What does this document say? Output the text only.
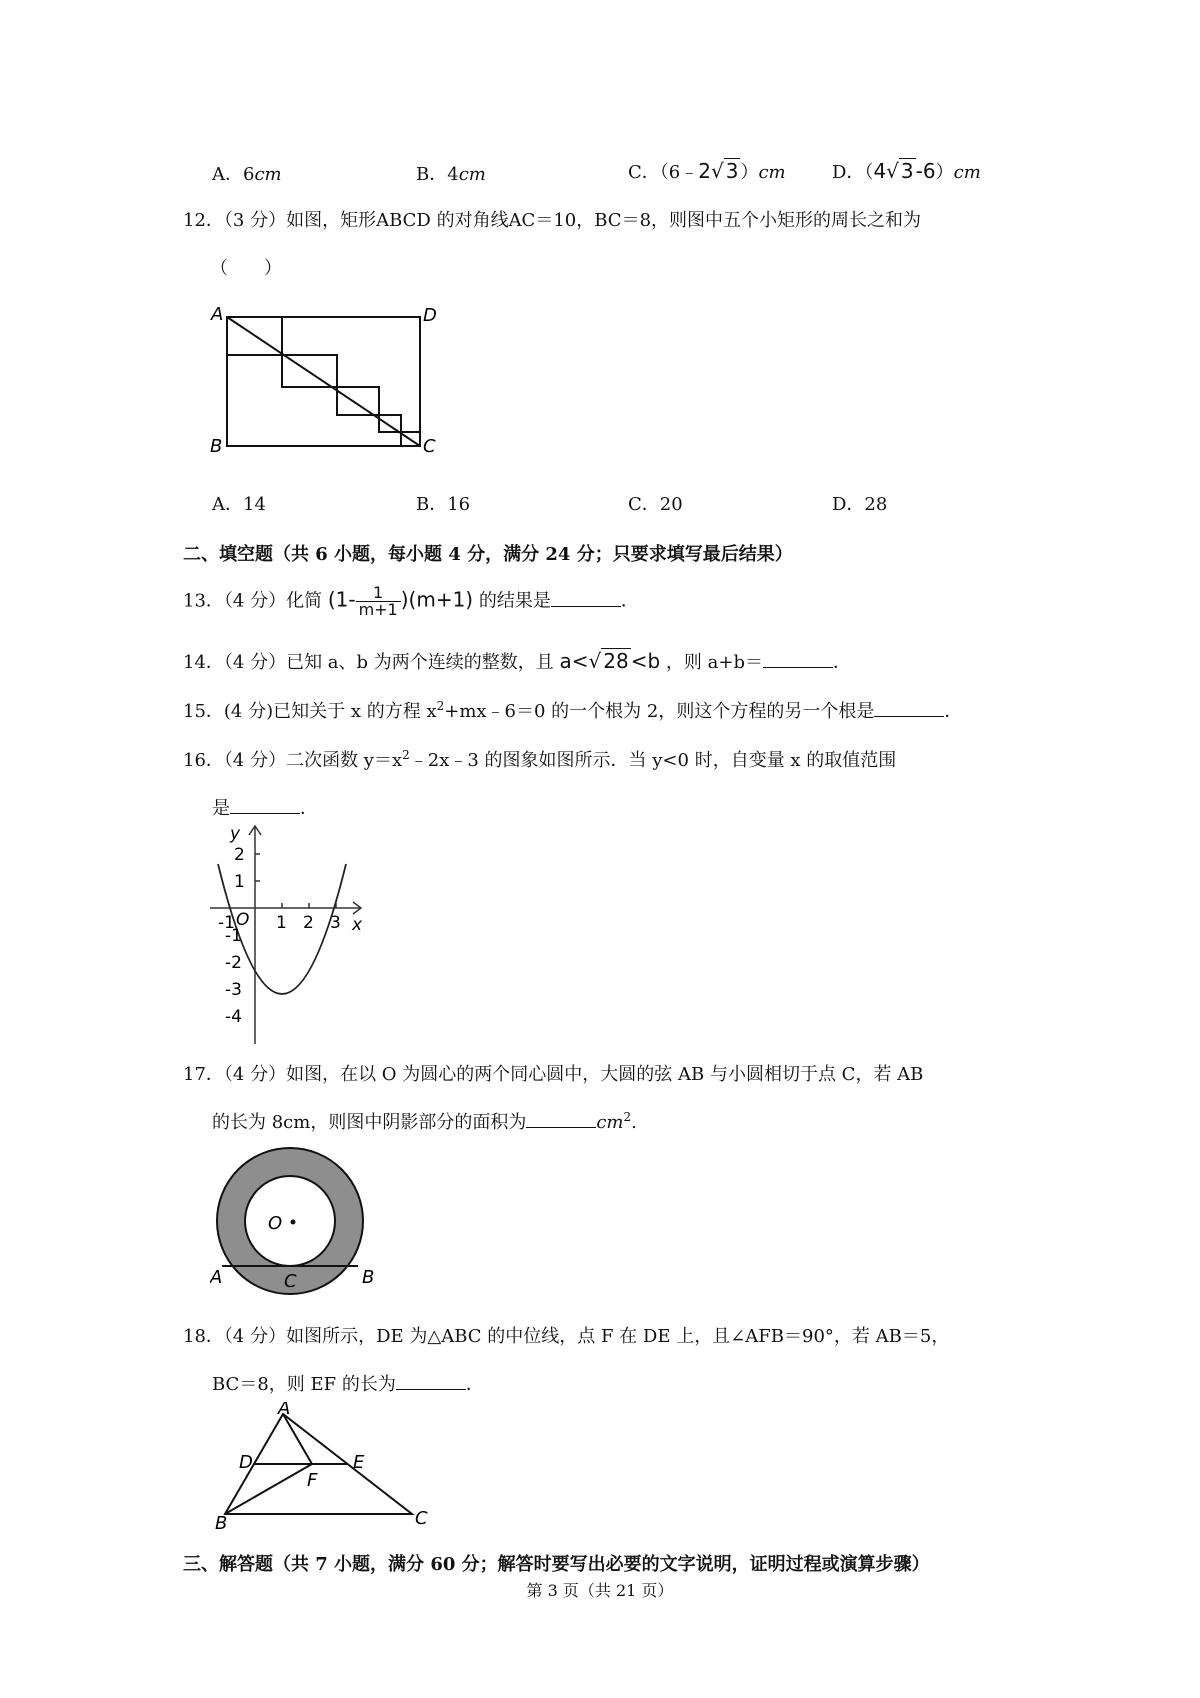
A．6cm	B．4cm	C．（6﹣2√ 3 ）cm	D．（4√ 3 -6）cm
12．（3 分）如图，矩形ABCD 的对角线AC＝10，BC＝8，则图中五个小矩形的周长之和为
（　　）
A	D
B	C
A．14	B．16	C．20	D．28
二、填空题（共 6 小题，每小题 4 分，满分 24 分；只要求填写最后结果）
13．（4 分）化简 $(1- \frac{1}{m+1} )(m+1)$ 的结果是	．
14．（4 分）已知 a、b 为两个连续的整数，且 a<√ 28 <b ，则 a+b＝	．
15．(4 分)已知关于 x 的方程 $x^2+mx﹣6=0$ 的一个根为 2，则这个方程的另一个根是	．
16．（4 分）二次函数 $y=x^2﹣2x﹣3$ 的图象如图所示．当 y<0 时，自变量 x 的取值范围
是	．
y
x
O
-1 1 2 3
2
1
-1
-2
-3
-4
17．（4 分）如图，在以 O 为圆心的两个同心圆中，大圆的弦 AB 与小圆相切于点 C，若 AB
的长为 8cm，则图中阴影部分的面积为	$cm^2$.
O
A	B
C
18．（4 分）如图所示，DE 为△ABC 的中位线，点 F 在 DE 上，且∠AFB＝90°，若 AB＝5，
BC＝8，则 EF 的长为	．
A
B	C
D	E
F
三、解答题（共 7 小题，满分 60 分；解答时要写出必要的文字说明，证明过程或演算步骤）
第 3 页（共 21 页）
